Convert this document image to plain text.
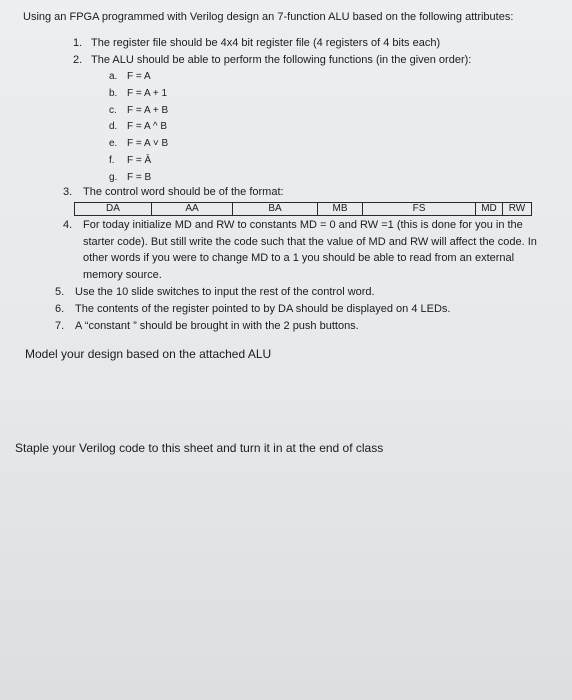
Using an FPGA programmed with Verilog design an 7-function ALU based on the following attributes:
1. The register file should be 4x4 bit register file (4 registers of 4 bits each)
2. The ALU should be able to perform the following functions (in the given order):
a. F = A
b. F = A + 1
c. F = A + B
d. F = A ^ B
e. F = A ˅ B
f. F = Ā
g. F = B
3. The control word should be of the format:
DA	AA	BA	MB	FS	MD	RW
4. For today initialize MD and RW to constants MD = 0 and RW =1 (this is done for you in the
starter code). But still write the code such that the value of MD and RW will affect the code. In
other words if you were to change MD to a 1 you should be able to read from an external
memory source.
5. Use the 10 slide switches to input the rest of the control word.
6. The contents of the register pointed to by DA should be displayed on 4 LEDs.
7. A “constant ” should be brought in with the 2 push buttons.
Model your design based on the attached ALU
Staple your Verilog code to this sheet and turn it in at the end of class
